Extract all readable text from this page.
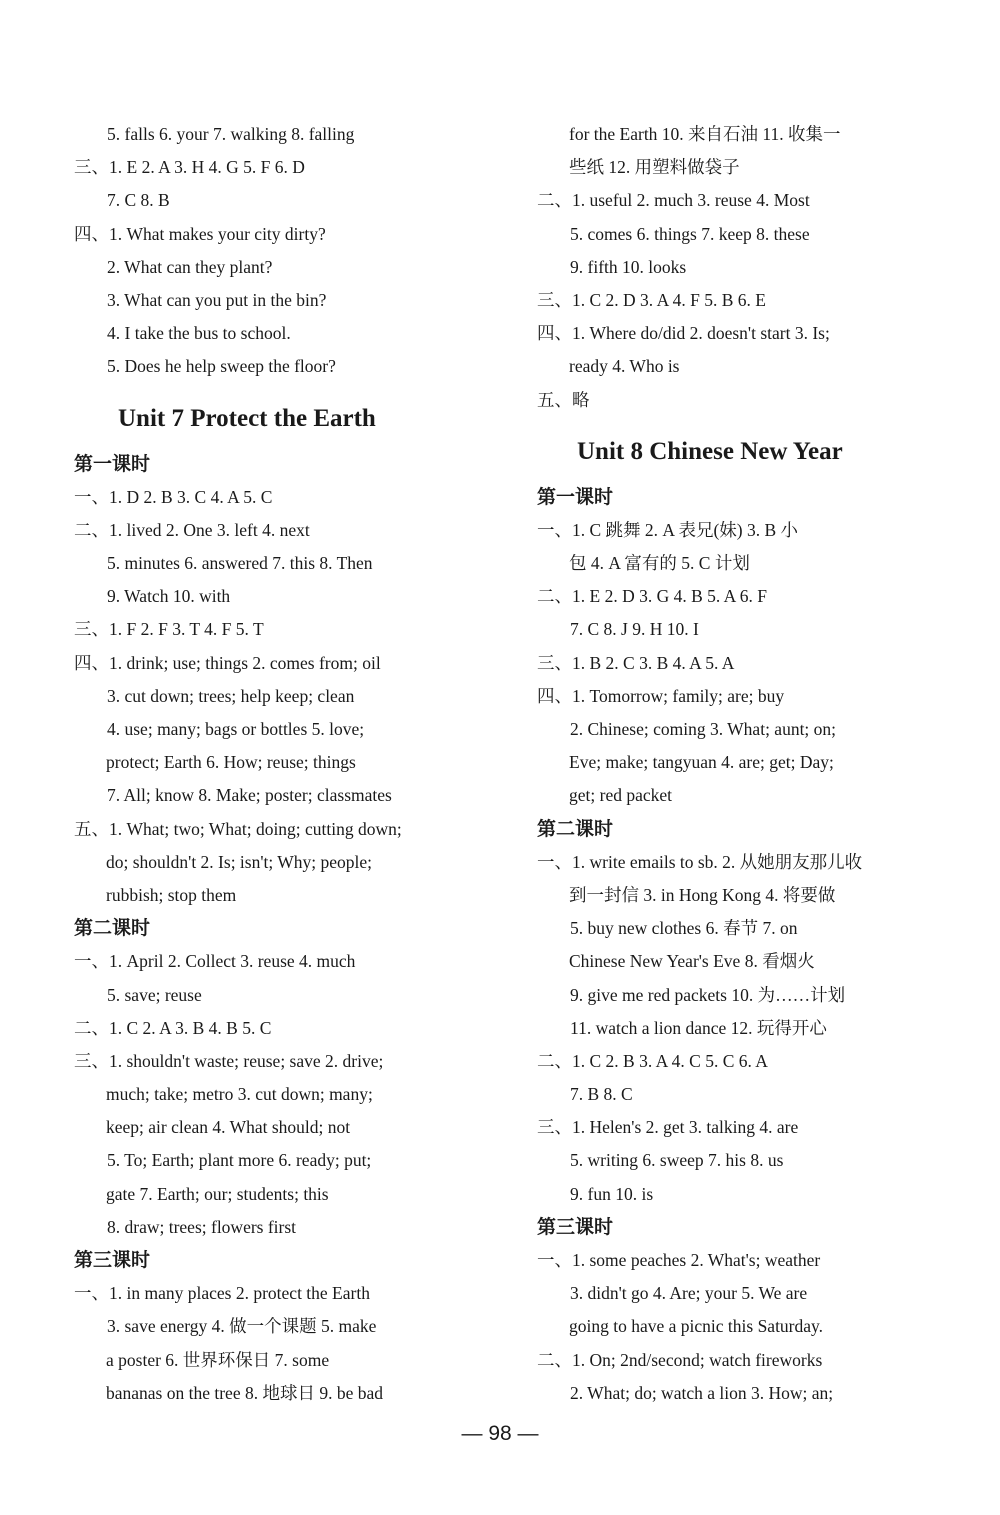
5. falls 6. your 7. walking 8. falling
三、1. E 2. A 3. H 4. G 5. F 6. D
7. C 8. B
四、1. What makes your city dirty?
2. What can they plant?
3. What can you put in the bin?
4. I take the bus to school.
5. Does he help sweep the floor?
Unit 7 Protect the Earth
第一课时
一、1. D 2. B 3. C 4. A 5. C
二、1. lived 2. One 3. left 4. next
5. minutes 6. answered 7. this 8. Then
9. Watch 10. with
三、1. F 2. F 3. T 4. F 5. T
四、1. drink; use; things 2. comes from; oil
3. cut down; trees; help keep; clean
4. use; many; bags or bottles 5. love;
protect; Earth 6. How; reuse; things
7. All; know 8. Make; poster; classmates
五、1. What; two; What; doing; cutting down;
do; shouldn't 2. Is; isn't; Why; people;
rubbish; stop them
第二课时
一、1. April 2. Collect 3. reuse 4. much
5. save; reuse
二、1. C 2. A 3. B 4. B 5. C
三、1. shouldn't waste; reuse; save 2. drive;
much; take; metro 3. cut down; many;
keep; air clean 4. What should; not
5. To; Earth; plant more 6. ready; put;
gate 7. Earth; our; students; this
8. draw; trees; flowers first
第三课时
一、1. in many places 2. protect the Earth
3. save energy 4. 做一个课题 5. make
a poster 6. 世界环保日 7. some
bananas on the tree 8. 地球日 9. be bad
for the Earth 10. 来自石油 11. 收集一
些纸 12. 用塑料做袋子
二、1. useful 2. much 3. reuse 4. Most
5. comes 6. things 7. keep 8. these
9. fifth 10. looks
三、1. C 2. D 3. A 4. F 5. B 6. E
四、1. Where do/did 2. doesn't start 3. Is;
ready 4. Who is
五、略
Unit 8 Chinese New Year
第一课时
一、1. C 跳舞 2. A 表兄(妹) 3. B 小
包 4. A 富有的 5. C 计划
二、1. E 2. D 3. G 4. B 5. A 6. F
7. C 8. J 9. H 10. I
三、1. B 2. C 3. B 4. A 5. A
四、1. Tomorrow; family; are; buy
2. Chinese; coming 3. What; aunt; on;
Eve; make; tangyuan 4. are; get; Day;
get; red packet
第二课时
一、1. write emails to sb. 2. 从她朋友那儿收
到一封信 3. in Hong Kong 4. 将要做
5. buy new clothes 6. 春节 7. on
Chinese New Year's Eve 8. 看烟火
9. give me red packets 10. 为……计划
11. watch a lion dance 12. 玩得开心
二、1. C 2. B 3. A 4. C 5. C 6. A
7. B 8. C
三、1. Helen's 2. get 3. talking 4. are
5. writing 6. sweep 7. his 8. us
9. fun 10. is
第三课时
一、1. some peaches 2. What's; weather
3. didn't go 4. Are; your 5. We are
going to have a picnic this Saturday.
二、1. On; 2nd/second; watch fireworks
2. What; do; watch a lion 3. How; an;
— 98 —
